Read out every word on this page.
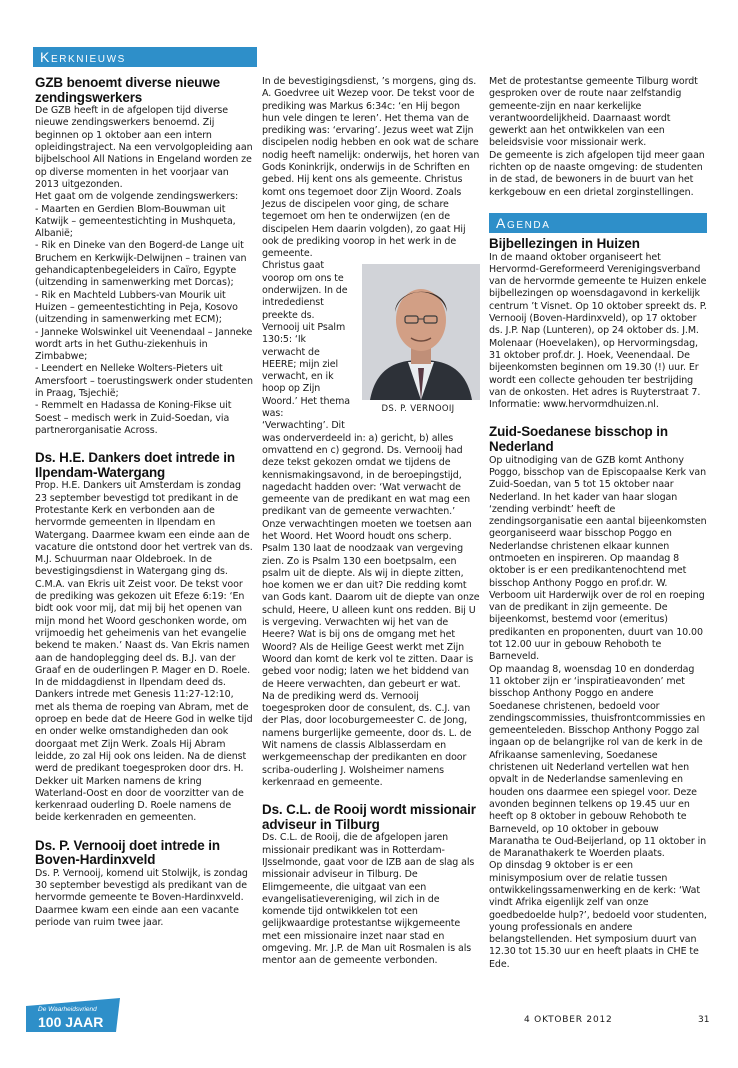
Kerknieuws
GZB benoemt diverse nieuwe zendingswerkers

De GZB heeft in de afgelopen tijd diverse nieuwe zendingswerkers benoemd. Zij beginnen op 1 oktober aan een intern opleidingstraject. Na een vervolgopleiding aan bijbelschool All Nations in Engeland worden ze op diverse momenten in het voorjaar van 2013 uitgezonden.

Het gaat om de volgende zendingswerkers:

- Maarten en Gerdien Blom-Bouwman uit Katwijk – gemeentestichting in Mushqueta, Albanië;

- Rik en Dineke van den Bogerd-de Lange uit Bruchem en Kerkwijk-Delwijnen – trainen van gehandicaptenbegeleiders in Caïro, Egypte (uitzending in samenwerking met Dorcas);

- Rik en Machteld Lubbers-van Mourik uit Huizen – gemeentestichting in Peja, Kosovo (uitzending in samenwerking met ECM);

- Janneke Wolswinkel uit Veenendaal – Janneke wordt arts in het Guthu-ziekenhuis in Zimbabwe;

- Leendert en Nelleke Wolters-Pieters uit Amersfoort – toerustingswerk onder studenten in Praag, Tsjechië;

- Remmelt en Hadassa de Koning-Fikse uit Soest – medisch werk in Zuid-Soedan, via partnerorganisatie Across.

Ds. H.E. Dankers doet intrede in Ilpendam-Watergang

Prop. H.E. Dankers uit Amsterdam is zondag 23 september bevestigd tot predikant in de Protestante Kerk en verbonden aan de hervormde gemeenten in Ilpendam en Watergang. Daarmee kwam een einde aan de vacature die ontstond door het vertrek van ds. M.J. Schuurman naar Oldebroek. In de bevestigingsdienst in Watergang ging ds. C.M.A. van Ekris uit Zeist voor. De tekst voor de prediking was gekozen uit Efeze 6:19: ‘En bidt ook voor mij, dat mij bij het openen van mijn mond het Woord geschonken worde, om vrijmoedig het geheimenis van het evangelie bekend te maken.’ Naast ds. Van Ekris namen aan de handoplegging deel ds. B.J. van der Graaf en de ouderlingen P. Mager en D. Roele. In de middagdienst in Ilpendam deed ds. Dankers intrede met Genesis 11:27-12:10, met als thema de roeping van Abram, met de oproep en bede dat de Heere God in welke tijd en onder welke omstandigheden dan ook doorgaat met Zijn Werk. Zoals Hij Abram leidde, zo zal Hij ook ons leiden. Na de dienst werd de predikant toegesproken door drs. H. Dekker uit Marken namens de kring Waterland-Oost en door de voorzitter van de kerkenraad ouderling D. Roele namens de beide kerkenraden en gemeenten.

Ds. P. Vernooij doet intrede in Boven-Hardinxveld

Ds. P. Vernooij, komend uit Stolwijk, is zondag 30 september bevestigd als predikant van de hervormde gemeente te Boven-Hardinxveld. Daarmee kwam een einde aan een vacante periode van ruim twee jaar.

In de bevestigingsdienst, ’s morgens, ging ds. A. Goedvree uit Wezep voor. De tekst voor de prediking was Markus 6:34c: ‘en Hij begon hun vele dingen te leren’. Het thema van de prediking was: ‘ervaring’. Jezus weet wat Zijn discipelen nodig hebben en ook wat de schare nodig heeft namelijk: onderwijs, het horen van Gods Koninkrijk, onderwijs in de Schriften en gebed. Hij kent ons als gemeente. Christus komt ons tegemoet door Zijn Woord. Zoals Jezus de discipelen voor ging, de schare tegemoet om hen te onderwijzen (en de discipelen Hem daarin volgden), zo gaat Hij ook de prediking voorop in het werk in de gemeente.

DS. P. VERNOOIJ

Christus gaat voorop om ons te onderwijzen. In de intrededienst preekte ds. Vernooij uit Psalm 130:5: ‘Ik verwacht de HEERE; mijn ziel verwacht, en ik hoop op Zijn Woord.’ Het thema was: ‘Verwachting’. Dit was onderverdeeld in: a) gericht, b) alles omvattend en c) gegrond. Ds. Vernooij had deze tekst gekozen omdat we tijdens de kennismakingsavond, in de beroepingstijd, nagedacht hadden over: ‘Wat verwacht de gemeente van de predikant en wat mag een predikant van de gemeente verwachten.’ Onze verwachtingen moeten we toetsen aan het Woord. Het Woord houdt ons scherp. Psalm 130 laat de noodzaak van vergeving zien. Zo is Psalm 130 een boetpsalm, een psalm uit de diepte. Als wij in diepte zitten, hoe komen we er dan uit? Die redding komt van Gods kant. Daarom uit de diepte van onze schuld, Heere, U alleen kunt ons redden. Bij U is vergeving. Verwachten wij het van de Heere? Wat is bij ons de omgang met het Woord? Als de Heilige Geest werkt met Zijn Woord dan komt de kerk vol te zitten. Daar is gebed voor nodig; laten we het biddend van de Heere verwachten, dan gebeurt er wat.

Na de prediking werd ds. Vernooij toegesproken door de consulent, ds. C.J. van der Plas, door locoburgemeester C. de Jong, namens burgerlijke gemeente, door ds. L. de Wit namens de classis Alblasserdam en werkgemeenschap der predikanten en door scriba-ouderling J. Wolsheimer namens kerkenraad en gemeente.

Ds. C.L. de Rooij wordt missionair adviseur in Tilburg

Ds. C.L. de Rooij, die de afgelopen jaren missionair predikant was in Rotterdam-IJsselmonde, gaat voor de IZB aan de slag als missionair adviseur in Tilburg. De Elimgemeente, die uitgaat van een evangelisatievereniging, wil zich in de komende tijd ontwikkelen tot een gelijkwaardige protestantse wijkgemeente met een missionaire inzet naar stad en omgeving. Mr. J.P. de Man uit Rosmalen is als mentor aan de gemeente verbonden.

Met de protestantse gemeente Tilburg wordt gesproken over de route naar zelfstandig gemeente-zijn en naar kerkelijke verantwoordelijkheid. Daarnaast wordt gewerkt aan het ontwikkelen van een beleidsvisie voor missionair werk.

De gemeente is zich afgelopen tijd meer gaan richten op de naaste omgeving: de studenten in de stad, de bewoners in de buurt van het kerkgebouw en een drietal zorginstellingen.

Agenda
Bijbellezingen in Huizen

In de maand oktober organiseert het Hervormd-Gereformeerd Verenigingsverband van de hervormde gemeente te Huizen enkele bijbellezingen op woensdagavond in kerkelijk centrum ’t Visnet. Op 10 oktober spreekt ds. P. Vernooij (Boven-Hardinxveld), op 17 oktober ds. J.P. Nap (Lunteren), op 24 oktober ds. J.M. Molenaar (Hoevelaken), op Hervormingsdag, 31 oktober prof.dr. J. Hoek, Veenendaal. De bijeenkomsten beginnen om 19.30 (!) uur. Er wordt een collecte gehouden ter bestrijding van de onkosten. Het adres is Ruyterstraat 7. Informatie: www.hervormdhuizen.nl.

Zuid-Soedanese bisschop in Nederland

Op uitnodiging van de GZB komt Anthony Poggo, bisschop van de Episcopaalse Kerk van Zuid-Soedan, van 5 tot 15 oktober naar Nederland. In het kader van haar slogan ‘zending verbindt’ heeft de zendingsorganisatie een aantal bijeenkomsten georganiseerd waar bisschop Poggo en Nederlandse christenen elkaar kunnen ontmoeten en inspireren. Op maandag 8 oktober is er een predikantenochtend met bisschop Anthony Poggo en prof.dr. W. Verboom uit Harderwijk over de rol en roeping van de predikant in zijn gemeente. De bijeenkomst, bestemd voor (emeritus) predikanten en proponenten, duurt van 10.00 tot 12.00 uur in gebouw Rehoboth te Barneveld.

Op maandag 8, woensdag 10 en donderdag 11 oktober zijn er ‘inspiratieavonden’ met bisschop Anthony Poggo en andere Soedanese christenen, bedoeld voor zendingscommissies, thuisfrontcommissies en gemeenteleden. Bisschop Anthony Poggo zal ingaan op de belangrijke rol van de kerk in de Afrikaanse samenleving, Soedanese christenen uit Nederland vertellen wat hen opvalt in de Nederlandse samenleving en houden ons daarmee een spiegel voor. Deze avonden beginnen telkens op 19.45 uur en heeft op 8 oktober in gebouw Rehoboth te Barneveld, op 10 oktober in gebouw Maranatha te Oud-Beijerland, op 11 oktober in de Maranathakerk te Woerden plaats.

Op dinsdag 9 oktober is er een minisymposium over de relatie tussen ontwikkelingssamenwerking en de kerk: ‘Wat vindt Afrika eigenlijk zelf van onze goedbedoelde hulp?’, bedoeld voor studenten, young professionals en andere belangstellenden. Het symposium duurt van 12.30 tot 15.30 uur en heeft plaats in CHE te Ede.

De Waarheidsvriend
100 JAAR	4 OKTOBER 2012	31
